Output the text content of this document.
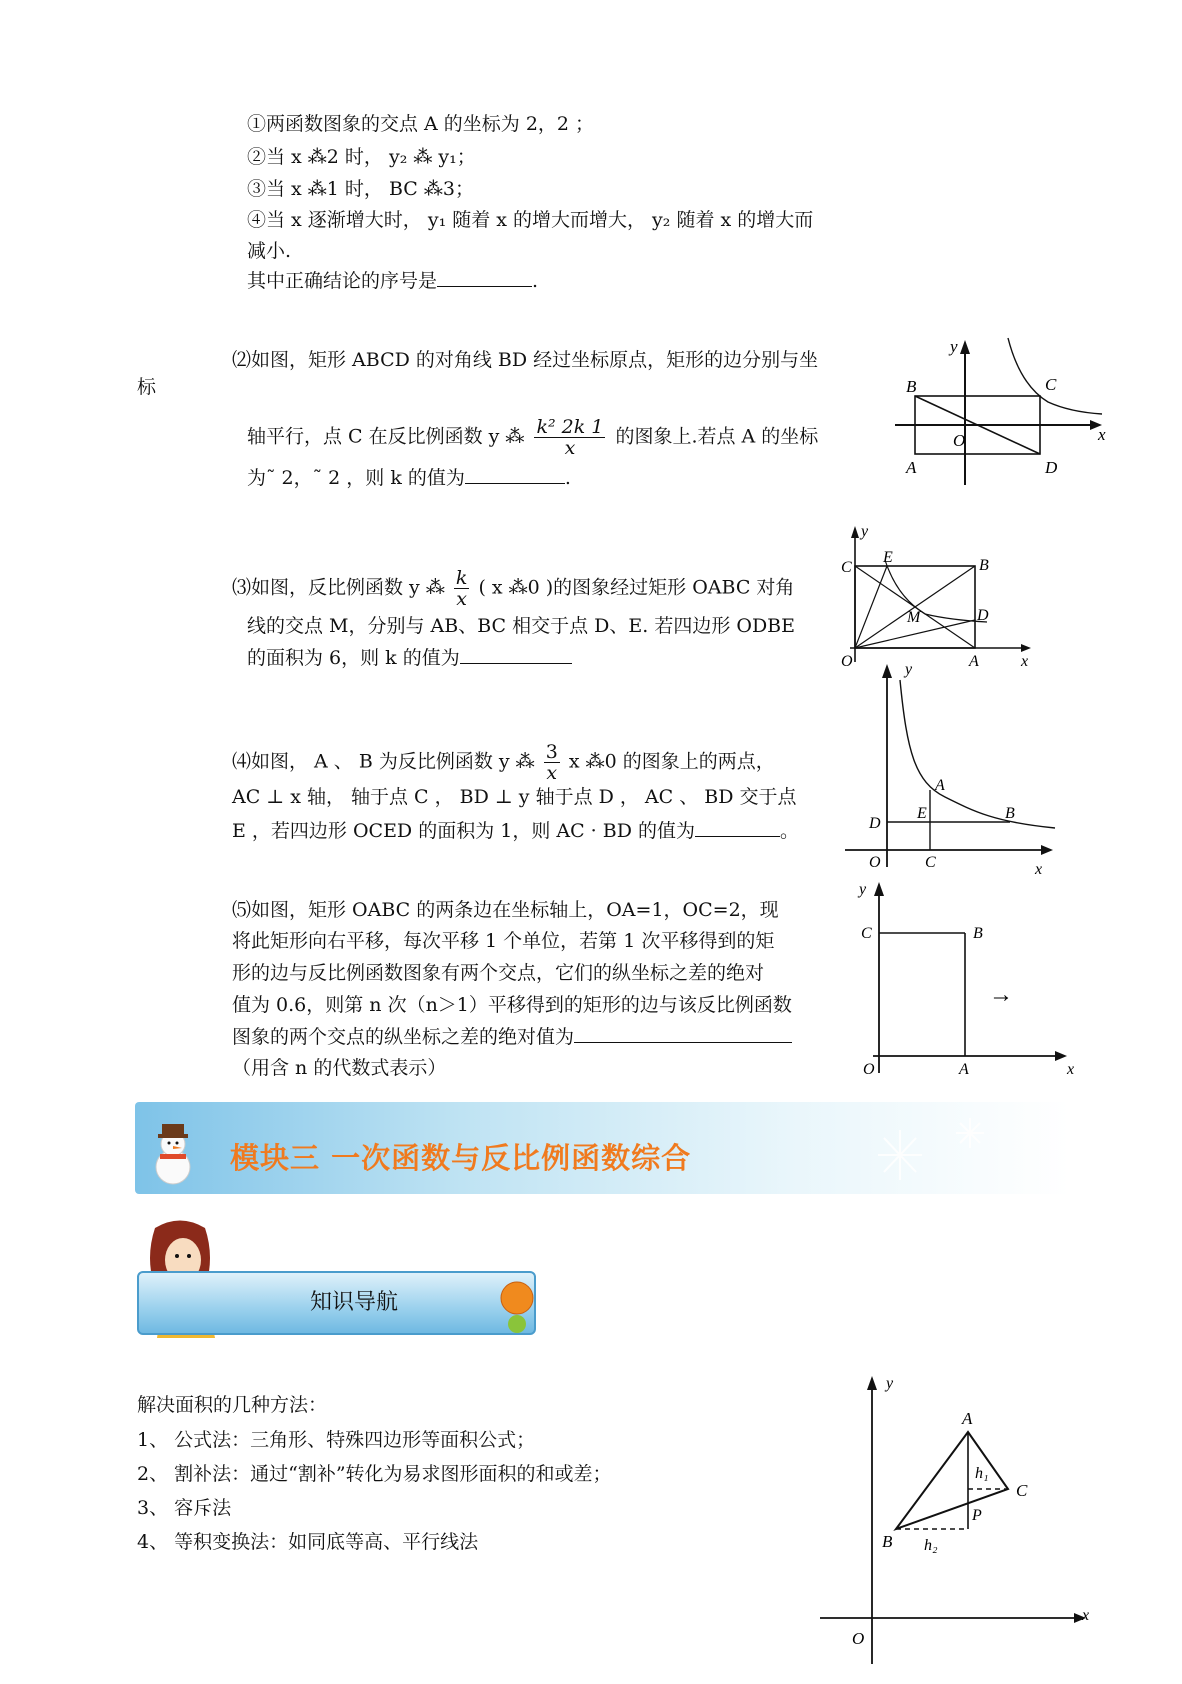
①两函数图象的交点 A 的坐标为 2，2 ；
②当 x ⁂2 时， y₂ ⁂ y₁；
③当 x ⁂1 时， BC ⁂3；
④当 x 逐渐增大时， y₁ 随着 x 的增大而增大， y₂ 随着 x 的增大而
减小.
其中正确结论的序号是	.
⑵如图，矩形 ABCD 的对角线 BD 经过坐标原点，矩形的边分别与坐
标
轴平行，点 C 在反比例函数 y ⁂ $\frac{\text{k² 2k 1}}{x}$ 的图象上.若点 A 的坐标
为˜ 2，˜ 2 ，则 k 的值为	.
B	C
A	D
O	x
y
⑶如图，反比例函数 y ⁂ $\frac{k}{x}$ ( x ⁂0 )的图象经过矩形 OABC 对角
线的交点 M，分别与 AB、BC 相交于点 D、E. 若四边形 ODBE
的面积为 6，则 k 的值为
C
E	B
M	D
O	A	x
y
⑷如图， A 、 B 为反比例函数 y ⁂ $\frac{3}{x}$ x ⁂0 的图象上的两点，
AC ⊥ x 轴， 轴于点 C ， BD ⊥ y 轴于点 D ， AC 、 BD 交于点
E ，若四边形 OCED 的面积为 1，则 AC · BD 的值为	。
y
A
E	B
D
O	C	x
⑸如图，矩形 OABC 的两条边在坐标轴上，OA=1，OC=2，现
将此矩形向右平移，每次平移 1 个单位，若第 1 次平移得到的矩
形的边与反比例函数图象有两个交点，它们的纵坐标之差的绝对
值为 0.6，则第 n 次（n＞1）平移得到的矩形的边与该反比例函数
图象的两个交点的纵坐标之差的绝对值为
（用含 n 的代数式表示）
y
C	B
→
O	A	x
模块三 一次函数与反比例函数综合
知识导航
解决面积的几种方法：
1、 公式法：三角形、特殊四边形等面积公式；
2、 割补法：通过“割补”转化为易求图形面积的和或差；
3、 容斥法
4、 等积变换法：如同底等高、平行线法
y
A
h₁
C
P
B h₂
O
x
